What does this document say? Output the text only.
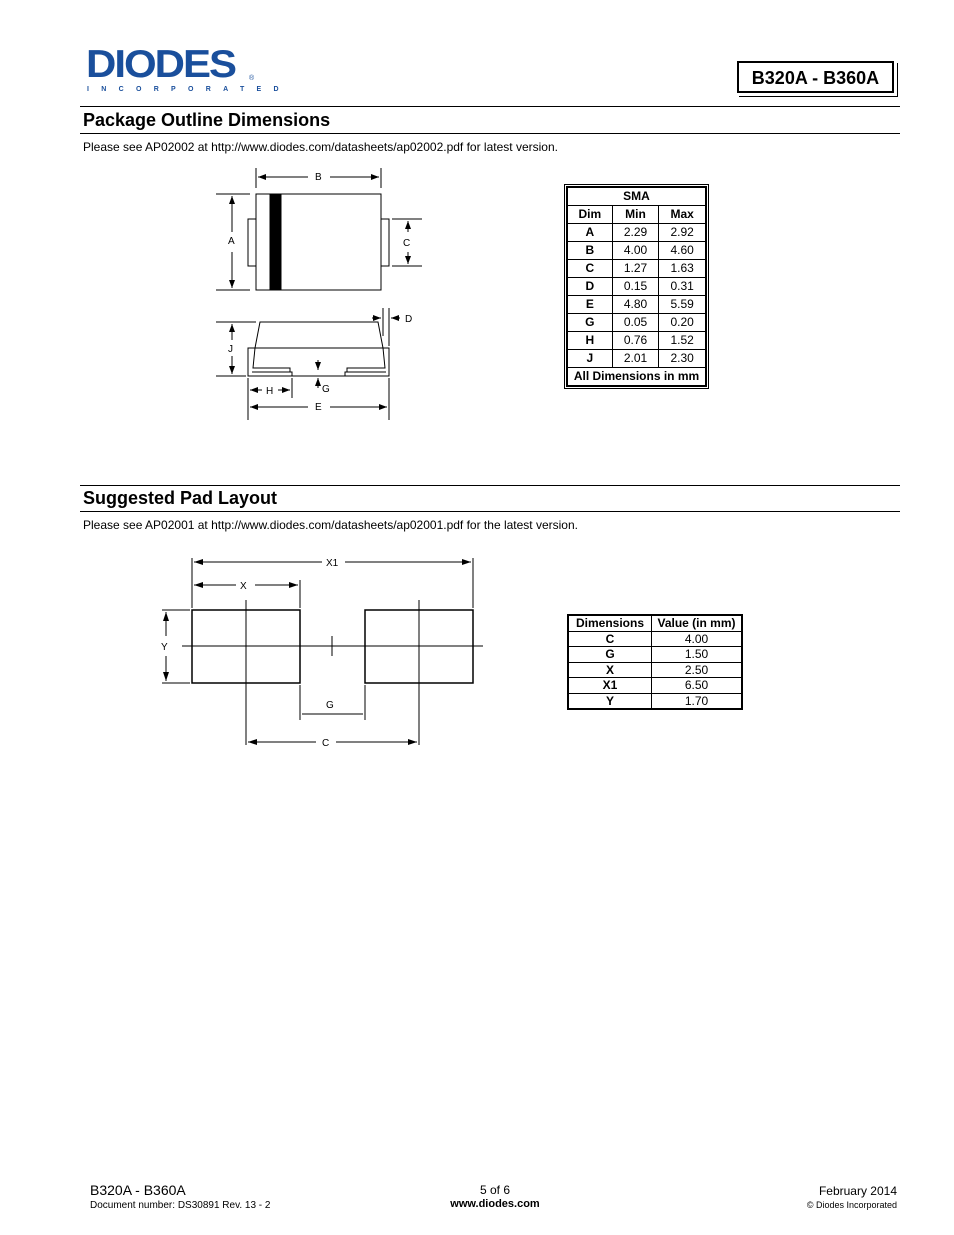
DIODES ®
INCORPORATED
B320A - B360A
Package Outline Dimensions
Please see AP02002 at http://www.diodes.com/datasheets/ap02002.pdf for latest version.
B
A	C
D
J
G
H
E
SMA		
Dim	Min	Max
A	2.29	2.92
B	4.00	4.60
C	1.27	1.63
D	0.15	0.31
E	4.80	5.59
G	0.05	0.20
H	0.76	1.52
J	2.01	2.30
All Dimensions in mm		
Suggested Pad Layout
Please see AP02001 at http://www.diodes.com/datasheets/ap02001.pdf for the latest version.
X1
X
Y
G
C
Dimensions	Value (in mm)
C	4.00
G	1.50
X	2.50
X1	6.50
Y	1.70
B320A - B360A
Document number: DS30891 Rev. 13 - 2
5 of 6
www.diodes.com
February 2014
© Diodes Incorporated
